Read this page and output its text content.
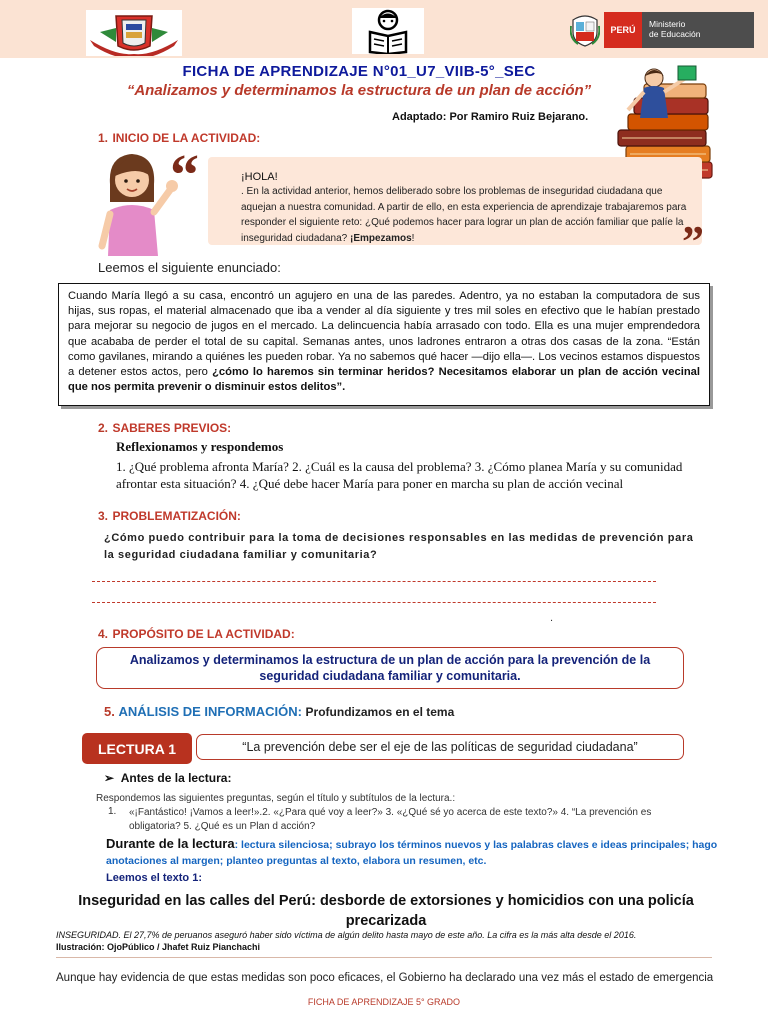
PERÚ
Ministerio
de Educación
FICHA DE APRENDIZAJE N°01_U7_VIIB-5°_SEC
“Analizamos y determinamos la estructura de un plan de acción”
Adaptado: Por Ramiro Ruiz Bejarano.
1. INICIO DE LA ACTIVIDAD:
“	¡HOLA!
. En la actividad anterior, hemos deliberado sobre los problemas de inseguridad ciudadana que aquejan a nuestra comunidad. A partir de ello, en esta experiencia de aprendizaje trabajaremos para responder el siguiente reto: ¿Qué podemos hacer para lograr un plan de acción familiar que palíe la inseguridad ciudadana? ¡Empezamos!	”
Leemos el siguiente enunciado:
Cuando María llegó a su casa, encontró un agujero en una de las paredes. Adentro, ya no estaban la computadora de sus hijas, sus ropas, el material almacenado que iba a vender al día siguiente y tres mil soles en efectivo que le habían prestado para mejorar su negocio de jugos en el mercado. La delincuencia había arrasado con todo. Ella es una mujer emprendedora que acababa de perder el total de su capital. Semanas antes, unos ladrones entraron a otras dos casas de la zona. “Están como gavilanes, mirando a quiénes les pueden robar. Ya no sabemos qué hacer —dijo ella—. Los vecinos estamos dispuestos a detener estos actos, pero ¿cómo lo haremos sin terminar heridos? Necesitamos elaborar un plan de acción vecinal que nos permita prevenir o disminuir estos delitos”.
2. SABERES PREVIOS:
Reflexionamos y respondemos
1. ¿Qué problema afronta María? 2. ¿Cuál es la causa del problema? 3. ¿Cómo planea María y su comunidad afrontar esta situación? 4. ¿Qué debe hacer María para poner en marcha su plan de acción vecinal
3. PROBLEMATIZACIÓN:
¿Cómo puedo contribuir para la toma de decisiones responsables en las medidas de prevención para la seguridad ciudadana familiar y comunitaria?
.
4. PROPÓSITO DE LA ACTIVIDAD:
Analizamos y determinamos la estructura de un plan de acción para la prevención de la seguridad ciudadana familiar y comunitaria.
5. ANÁLISIS DE INFORMACIÓN: Profundizamos en el tema
LECTURA 1	“La prevención debe ser el eje de las políticas de seguridad ciudadana”
➢  Antes de la lectura:
Respondemos las siguientes preguntas, según el título y subtítulos de la lectura.:
1. «¡Fantástico! ¡Vamos a leer!».2. «¿Para qué voy a leer?» 3. «¿Qué sé yo acerca de este texto?» 4. “La prevención es obligatoria? 5. ¿Qué es un Plan d acción?
Durante de la lectura: lectura silenciosa; subrayo los términos nuevos y las palabras claves e ideas principales; hago anotaciones al margen; planteo preguntas al texto, elabora un resumen, etc.
Leemos el texto 1:
Inseguridad en las calles del Perú: desborde de extorsiones y homicidios con una policía precarizada
INSEGURIDAD. El 27,7% de peruanos aseguró haber sido víctima de algún delito hasta mayo de este año. La cifra es la más alta desde el 2016.
Ilustración: OjoPúblico / Jhafet Ruiz Pianchachi
Aunque hay evidencia de que estas medidas son poco eficaces, el Gobierno ha declarado una vez más el estado de emergencia
FICHA DE APRENDIZAJE 5° GRADO
